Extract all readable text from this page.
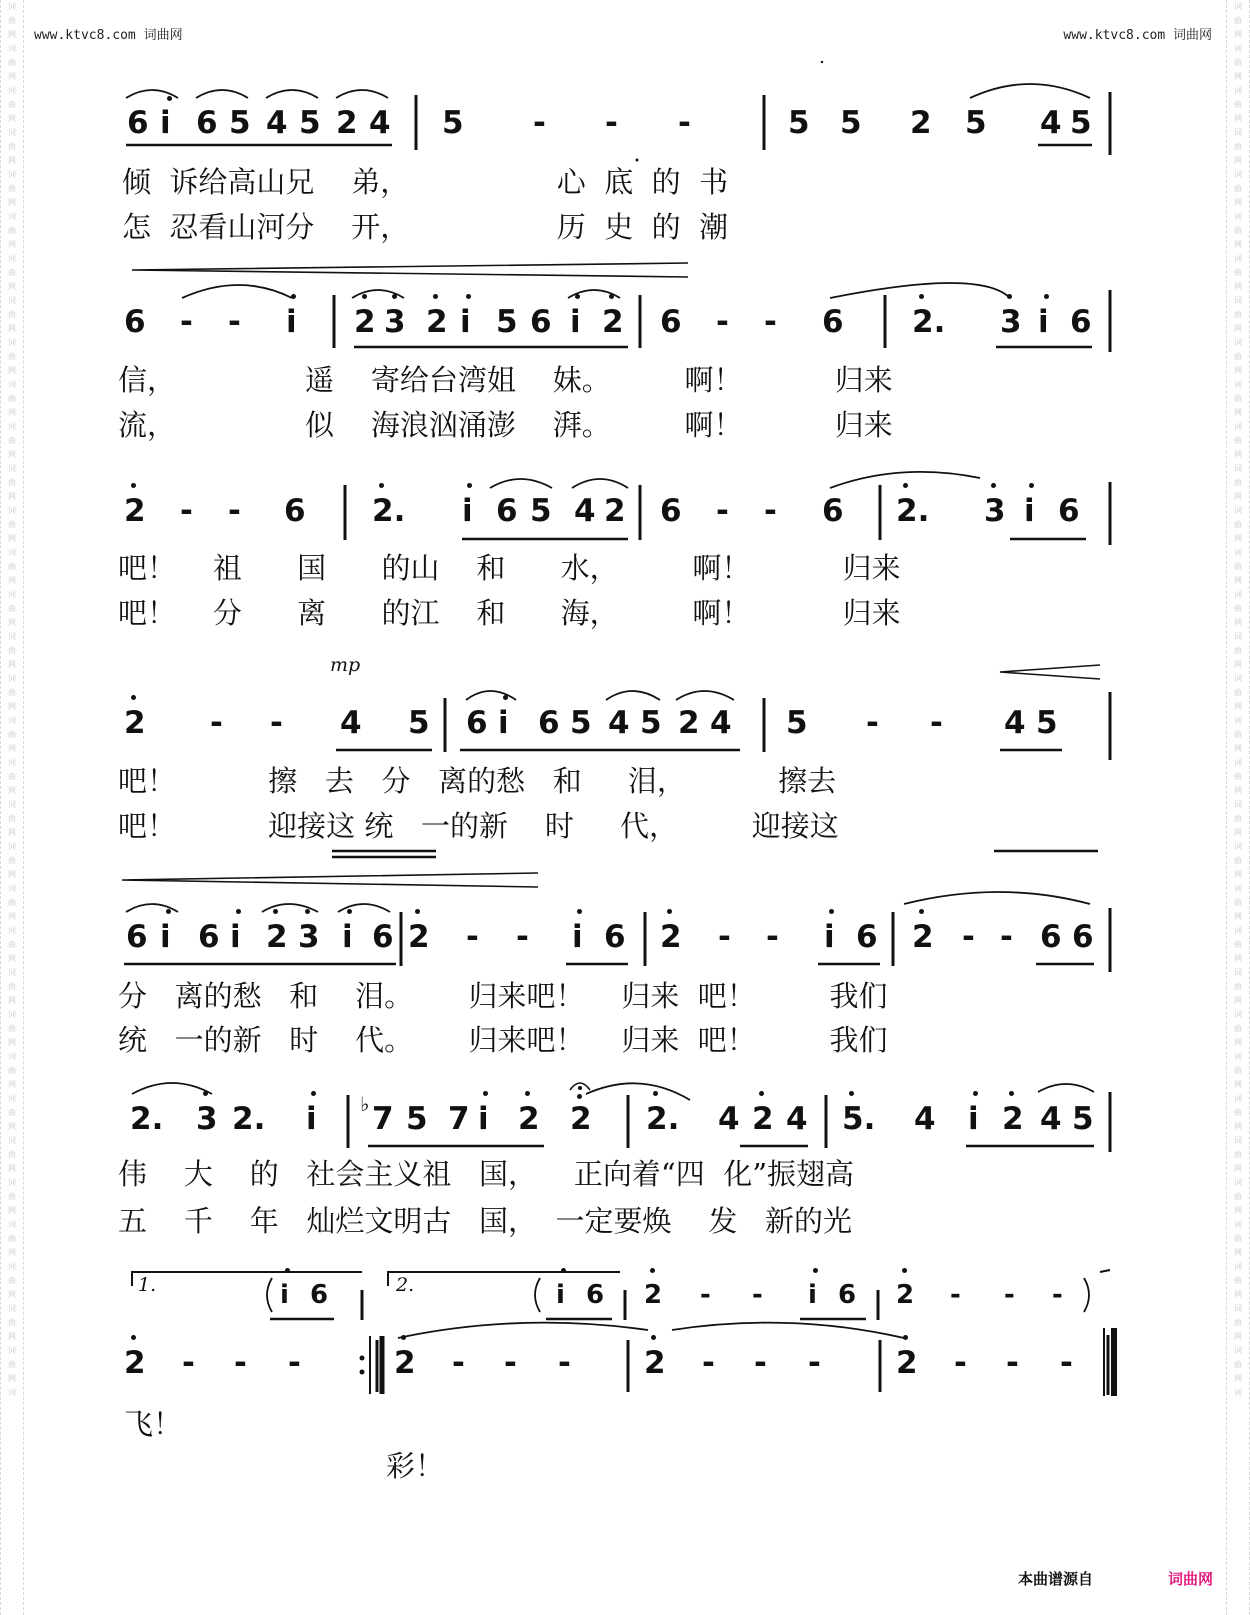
词
曲
网
词
曲
网
词
曲
网
词
曲
网
词
曲
网
词
曲
网
词
曲
网
词
曲
网
词
曲
网
词
曲
网
词
曲
网
词
曲
网
词
曲
网
词
曲
网
词
曲
网
词
曲
网
词
曲
网
词
曲
网
词
曲
网
词
曲
网
词
曲
网
词
曲
网
词
曲
网
词
曲
网
词
曲
网
词
曲
网
词
曲
网
词
曲
网
词
曲
网
词
曲
网
词
曲
网
词
曲
网
词
曲
网
词
词
曲
网
词
曲
网
词
曲
网
词
曲
网
词
曲
网
词
曲
网
词
曲
网
词
曲
网
词
曲
网
词
曲
网
词
曲
网
词
曲
网
词
曲
网
词
曲
网
词
曲
网
词
曲
网
词
曲
网
词
曲
网
词
曲
网
词
曲
网
词
曲
网
词
曲
网
词
曲
网
词
曲
网
词
曲
网
词
曲
网
词
曲
网
词
曲
网
词
曲
网
词
曲
网
词
曲
网
词
曲
网
词
曲
网
词
www.ktvc8.com 词曲网	www.ktvc8.com 词曲网
6 i 6 5 4 5 2 4 5 - - -	5 5 2 5 4 5
倾  诉给高山兄    弟，                心  底  的  书
怎  忍看山河分    开，                历  史  的  潮
6 - - i 2 3 2 i 5 6 i 2 6 - - 6 2. 3 i 6
信，              遥    寄给台湾姐    妹。        啊！          归来
流，              似    海浪汹涌澎    湃。        啊！          归来
2 - - 6 2. i 6 5 4 2 6 - - 6 2. 3 i 6
吧！    祖      国      的山    和      水，        啊！          归来
吧！    分      离      的江    和      海，        啊！          归来
mp
2 - - 4 5 6 i 6 5 4 5 2 4 5 - - 4 5
吧！          擦   去   分   离的愁   和     泪，          擦去
吧！          迎接这 统   一的新    时     代，        迎接这
6 i 6 i 2 3 i 6 2 - - i 6 2 - - i 6 2 - - 6 6
分   离的愁   和    泪。      归来吧！    归来  吧！        我们
统   一的新   时    代。      归来吧！    归来  吧！        我们
2. 3 2. i ♭ 7 5 7 i 2 2 2. 4 2 4 5. 4 i 2 4 5
伟    大    的   社会主义祖   国，    正向着“四  化”振翅高
五    千    年   灿烂文明古   国，  一定要焕    发   新的光
1.	2.
i 6	i 6 2 - - i 6 2 - - -
2 - - -	2 - - - 2 - - - 2 - - -
飞！
彩！
本曲谱源自	词曲网
